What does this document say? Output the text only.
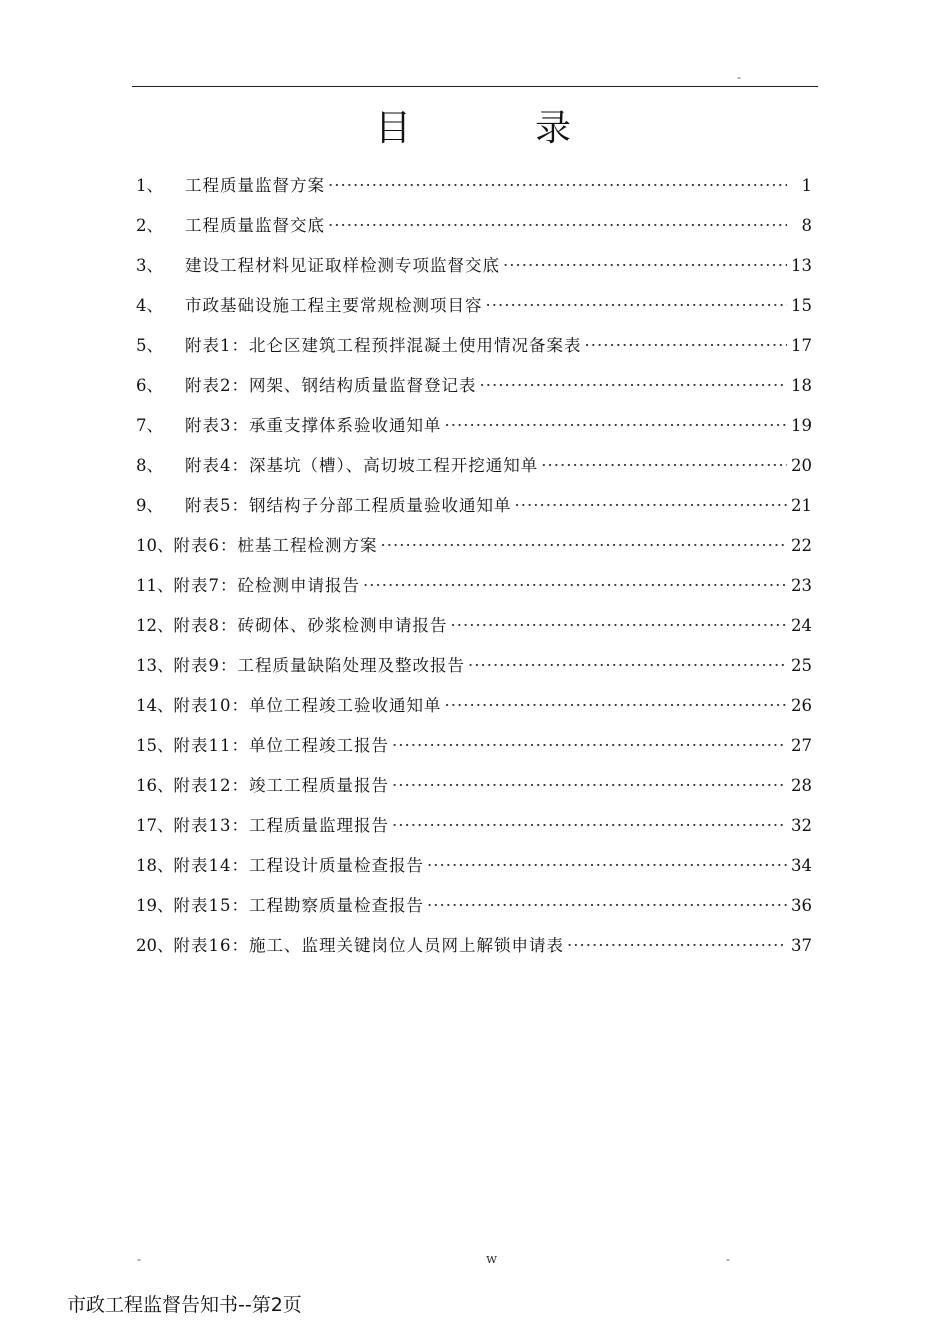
-
目	录
1、 工程质量监督方案 ·····	1
2、 工程质量监督交底 ·····	8
3、 建设工程材料见证取样检测专项监督交底 ·····	13
4、 市政基础设施工程主要常规检测项目容 ·····	15
5、 附表1：北仑区建筑工程预拌混凝土使用情况备案表 ·····	17
6、 附表2：网架、钢结构质量监督登记表 ·····	18
7、 附表3：承重支撑体系验收通知单 ·····	19
8、 附表4：深基坑（槽）、高切坡工程开挖通知单 ·····	20
9、 附表5：钢结构子分部工程质量验收通知单 ·····	21
10、 附表6：桩基工程检测方案 ·····	22
11、 附表7：砼检测申请报告 ·····	23
12、 附表8：砖砌体、砂浆检测申请报告 ·····	24
13、 附表9：工程质量缺陷处理及整改报告 ·····	25
14、 附表10：单位工程竣工验收通知单 ·····	26
15、 附表11：单位工程竣工报告 ·····	27
16、 附表12：竣工工程质量报告 ·····	28
17、 附表13：工程质量监理报告 ·····	32
18、 附表14：工程设计质量检查报告 ·····	34
19、 附表15：工程勘察质量检查报告 ·····	36
20、 附表16：施工、监理关键岗位人员网上解锁申请表 ·····	37
-	w	-
市政工程监督告知书--第2页
